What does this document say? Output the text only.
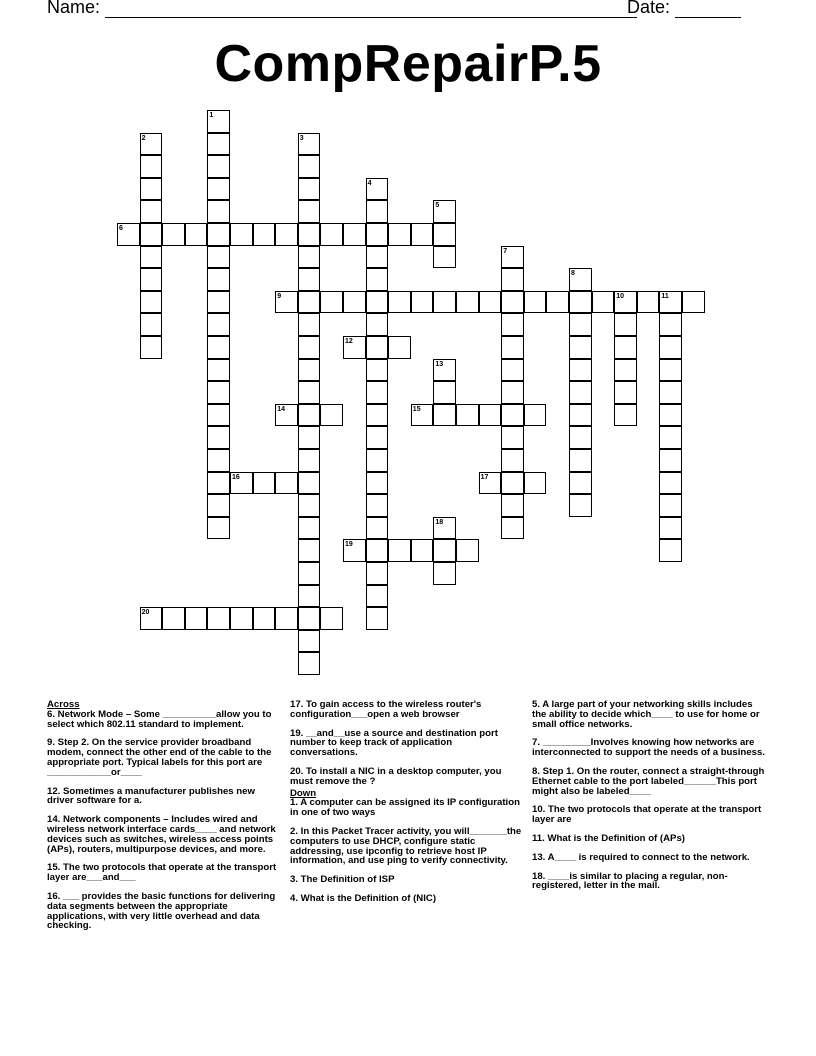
Name:	Date:
CompRepairP.5
1
2	3
4
5
6
7
8
9	10	11
12
13
14	15
16	17
18
19
20

Across

6. Network Mode – Some __________allow you to select which 802.11 standard to implement.

9. Step 2. On the service provider broadband modem, connect the other end of the cable to the appropriate port. Typical labels for this port are ____________or____

12. Sometimes a manufacturer publishes new driver software for a.

14. Network components – Includes wired and wireless network interface cards____ and network devices such as switches, wireless access points (APs), routers, multipurpose devices, and more.

15. The two protocols that operate at the transport layer are___and___

16. ___ provides the basic functions for delivering data segments between the appropriate applications, with very little overhead and data checking.

17. To gain access to the wireless router's configuration___open a web browser

19. __and__use a source and destination port number to keep track of application conversations.

20. To install a NIC in a desktop computer, you must remove the ?

Down

1. A computer can be assigned its IP configuration in one of two ways

2. In this Packet Tracer activity, you will_______the computers to use DHCP, configure static addressing, use ipconfig to retrieve host IP information, and use ping to verify connectivity.

3. The Definition of ISP

4. What is the Definition of (NIC)

5. A large part of your networking skills includes the ability to decide which____ to use for home or small office networks.

7. _________Involves knowing how networks are interconnected to support the needs of a business.

8. Step 1. On the router, connect a straight-through Ethernet cable to the port labeled______This port might also be labeled____

10. The two protocols that operate at the transport layer are

11. What is the Definition of (APs)

13. A____ is required to connect to the network.

18. ____is similar to placing a regular, non-registered, letter in the mail.
